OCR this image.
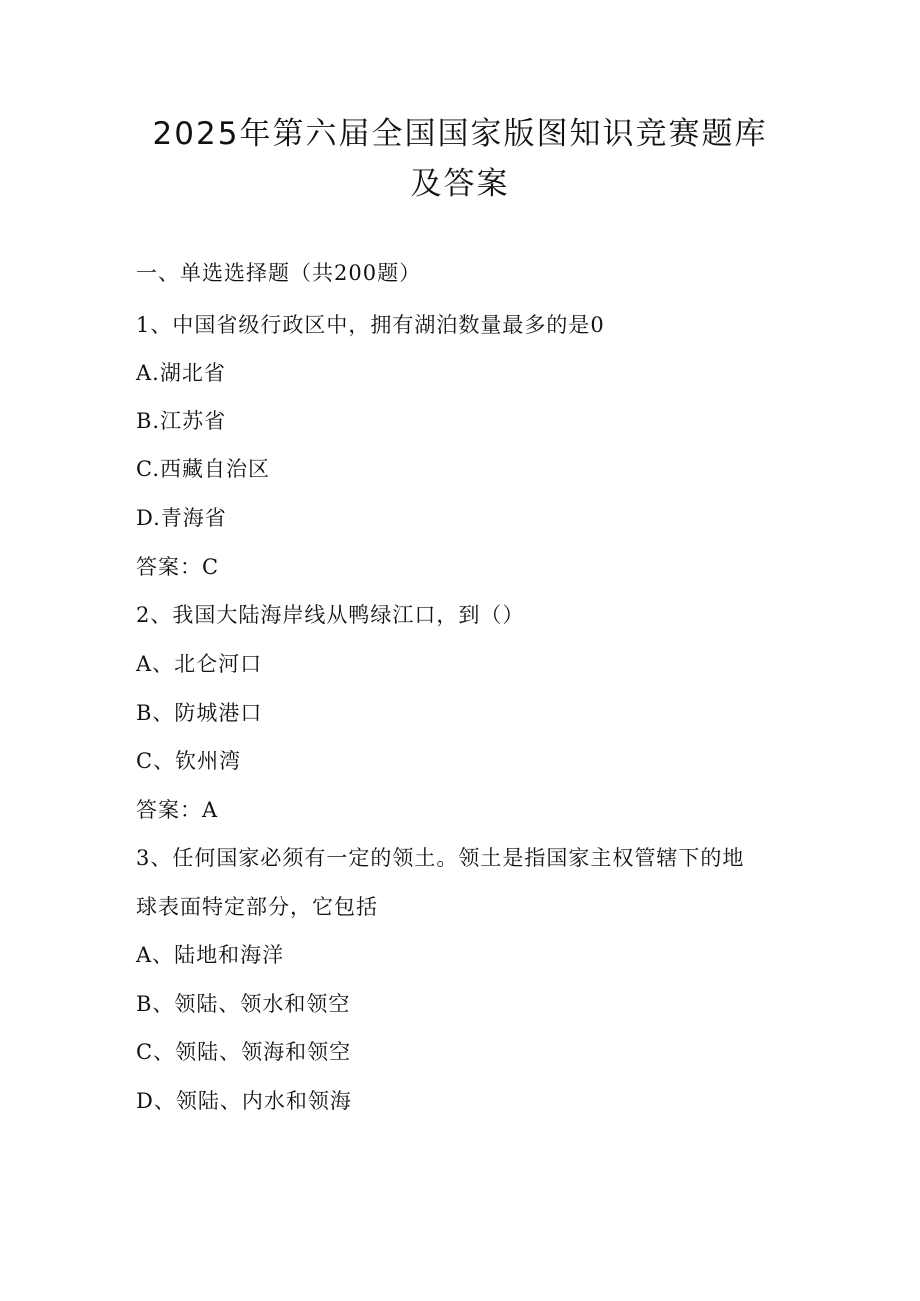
2025年第六届全国国家版图知识竞赛题库
及答案
一、单选选择题（共200题）
1、中国省级行政区中，拥有湖泊数量最多的是0
A.湖北省
B.江苏省
C.西藏自治区
D.青海省
答案：C
2、我国大陆海岸线从鸭绿江口，到（）
A、北仑河口
B、防城港口
C、钦州湾
答案：A
3、任何国家必须有一定的领土。领土是指国家主权管辖下的地
球表面特定部分，它包括
A、陆地和海洋
B、领陆、领水和领空
C、领陆、领海和领空
D、领陆、内水和领海
